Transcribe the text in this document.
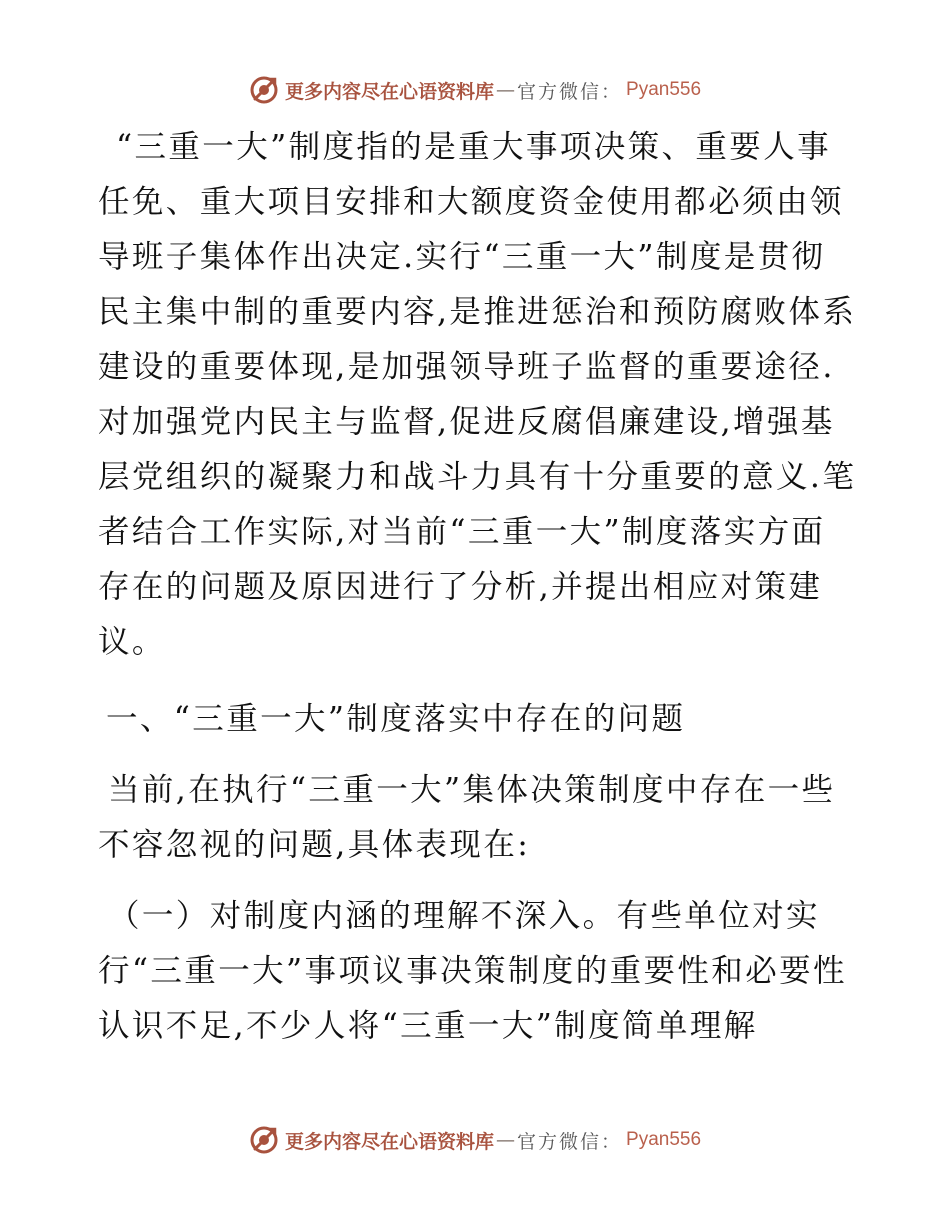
更多内容尽在心语资料库 — 官方微信 ： Pyan556

“三重一大”制度指的是重大事项决策、重要人事任免、重大项目安排和大额度资金使用都必须由领导班子集体作出决定.实行“三重一大”制度是贯彻民主集中制的重要内容,是推进惩治和预防腐败体系建设的重要体现,是加强领导班子监督的重要途径.对加强党内民主与监督,促进反腐倡廉建设,增强基层党组织的凝聚力和战斗力具有十分重要的意义.笔者结合工作实际,对当前“三重一大”制度落实方面存在的问题及原因进行了分析,并提出相应对策建议。

一、“三重一大”制度落实中存在的问题

当前,在执行“三重一大”集体决策制度中存在一些不容忽视的问题,具体表现在:

（一）对制度内涵的理解不深入。有些单位对实行“三重一大”事项议事决策制度的重要性和必要性认识不足,不少人将“三重一大”制度简单理解

更多内容尽在心语资料库 — 官方微信 ： Pyan556
